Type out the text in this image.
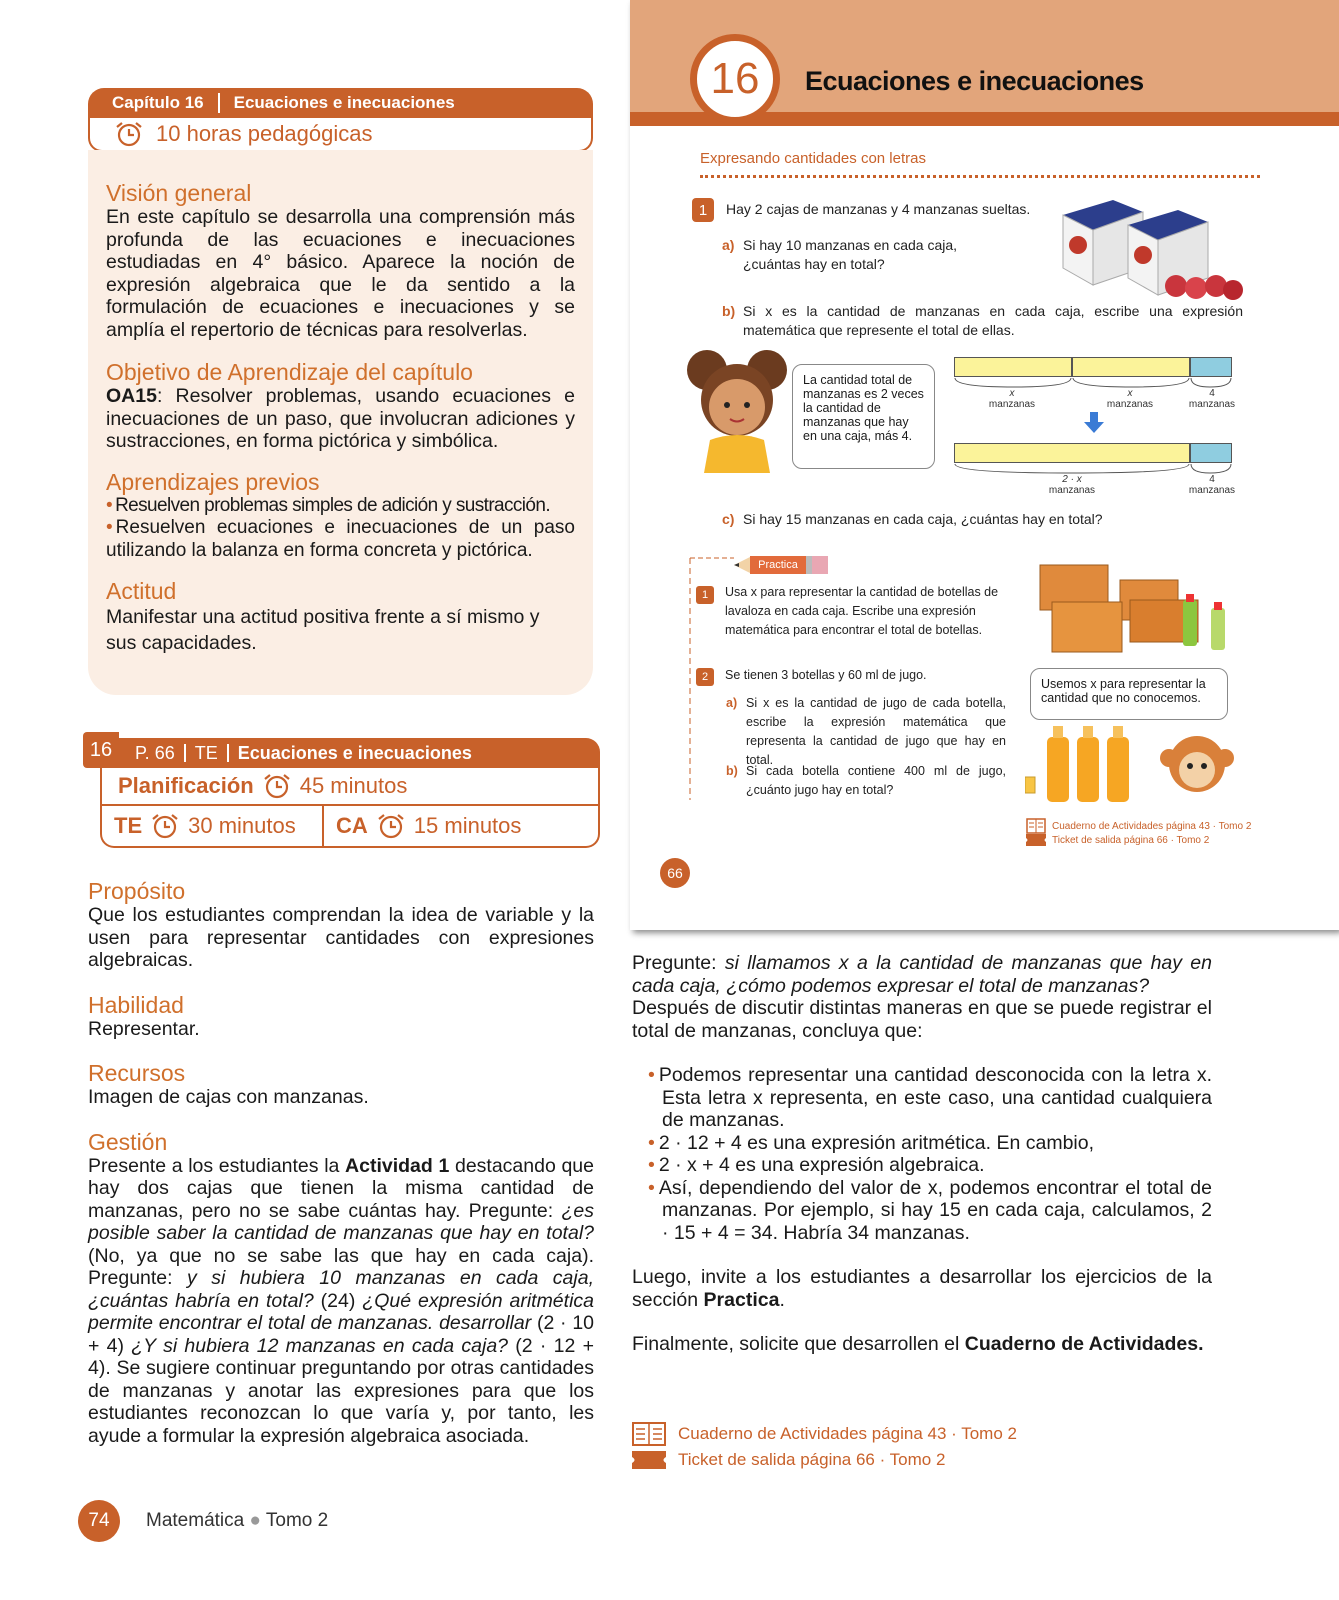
Capítulo 16 Ecuaciones e inecuaciones
10 horas pedagógicas
Visión general

En este capítulo se desarrolla una comprensión más profunda de las ecuaciones e inecuaciones estudiadas en 4° básico. Aparece la noción de expresión algebraica que le da sentido a la formulación de ecuaciones e inecuaciones y se amplía el repertorio de técnicas para resolverlas.

Objetivo de Aprendizaje del capítulo

OA15: Resolver problemas, usando ecuaciones e inecuaciones de un paso, que involucran adiciones y sustracciones, en forma pictórica y simbólica.

Aprendizajes previos
• Resuelven problemas simples de adición y sustracción.
• Resuelven ecuaciones e inecuaciones de un paso utilizando la balanza en forma concreta y pictórica.
Actitud

Manifestar una actitud positiva frente a sí mismo y sus capacidades.

16	P. 66 TE Ecuaciones e inecuaciones
Planificación 45 minutos
TE 30 minutos CA 15 minutos
Propósito

Que los estudiantes comprendan la idea de variable y la usen para representar cantidades con expresiones algebraicas.

Habilidad

Representar.

Recursos

Imagen de cajas con manzanas.

Gestión

Presente a los estudiantes la Actividad 1 destacando que hay dos cajas que tienen la misma cantidad de manzanas, pero no se sabe cuántas hay. Pregunte: ¿es posible saber la cantidad de manzanas que hay en total? (No, ya que no se sabe las que hay en cada caja). Pregunte: y si hubiera 10 manzanas en cada caja, ¿cuántas habría en total? (24) ¿Qué expresión aritmética permite encontrar el total de manzanas. desarrollar (2 · 10 + 4) ¿Y si hubiera 12 manzanas en cada caja? (2 · 12 + 4). Se sugiere continuar preguntando por otras cantidades de manzanas y anotar las expresiones para que los estudiantes reconozcan lo que varía y, por tanto, les ayude a formular la expresión algebraica asociada.

16	Ecuaciones e inecuaciones
Expresando cantidades con letras
1	Hay 2 cajas de manzanas y 4 manzanas sueltas.
a) Si hay 10 manzanas en cada caja, ¿cuántas hay en total?
b) Si x es la cantidad de manzanas en cada caja, escribe una expresión matemática que represente el total de ellas.
La cantidad total de manzanas es 2 veces la cantidad de manzanas que hay en una caja, más 4.
x
manzanas
x
manzanas
4
manzanas
2 · x
manzanas
4
manzanas
c) Si hay 15 manzanas en cada caja, ¿cuántas hay en total?
Practica
1	Usa x para representar la cantidad de botellas de lavaloza en cada caja. Escribe una expresión matemática para encontrar el total de botellas.
2	Se tienen 3 botellas y 60 ml de jugo.
a) Si x es la cantidad de jugo de cada botella, escribe la expresión matemática que representa la cantidad de jugo que hay en total.
b) Si cada botella contiene 400 ml de jugo, ¿cuánto jugo hay en total?
Usemos x para representar la cantidad que no conocemos.
Cuaderno de Actividades página 43 · Tomo 2
Ticket de salida página 66 · Tomo 2
66

Pregunte: si llamamos x a la cantidad de manzanas que hay en cada caja, ¿cómo podemos expresar el total de manzanas?

Después de discutir distintas maneras en que se puede registrar el total de manzanas, concluya que:

• Podemos representar una cantidad desconocida con la letra x. Esta letra x representa, en este caso, una cantidad cualquiera de manzanas.
• 2 · 12 + 4 es una expresión aritmética. En cambio,
• 2 · x + 4 es una expresión algebraica.
• Así, dependiendo del valor de x, podemos encontrar el total de manzanas. Por ejemplo, si hay 15 en cada caja, calculamos, 2 · 15 + 4 = 34. Habría 34 manzanas.

Luego, invite a los estudiantes a desarrollar los ejercicios de la sección Practica.

Finalmente, solicite que desarrollen el Cuaderno de Actividades.

Cuaderno de Actividades página 43 · Tomo 2
Ticket de salida página 66 · Tomo 2
74	Matemática ● Tomo 2
